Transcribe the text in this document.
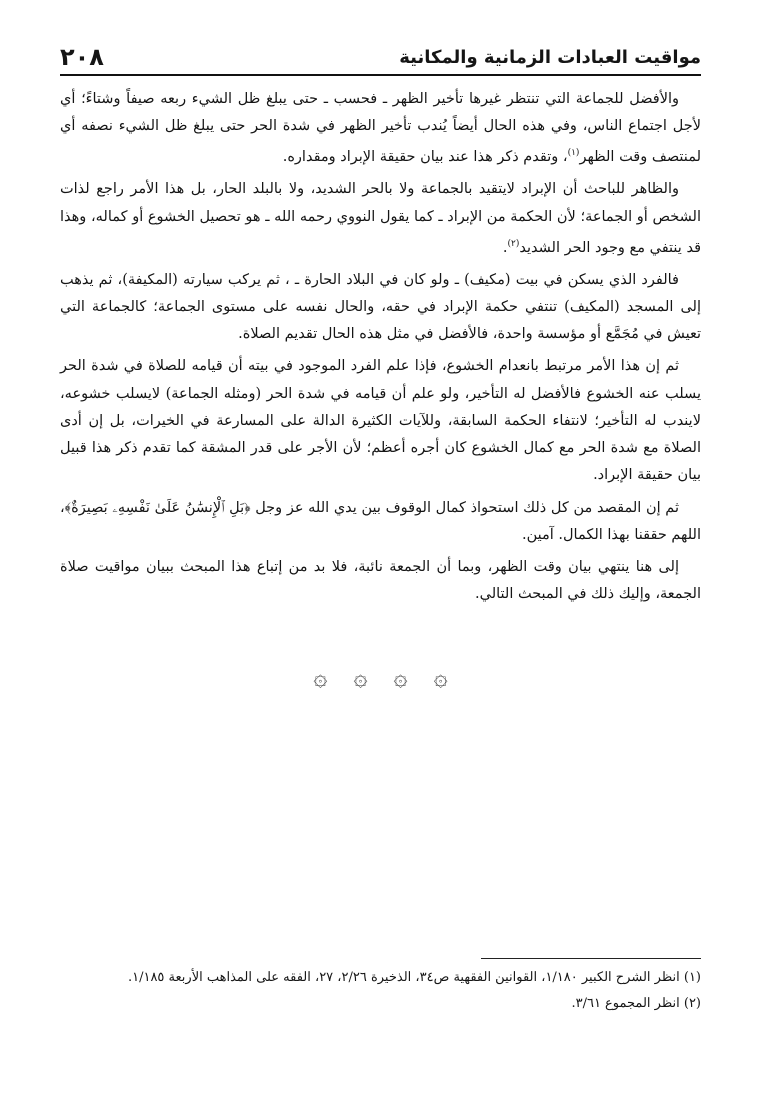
٢٠٨	مواقيت العبادات الزمانية والمكانية

والأفضل للجماعة التي تنتظر غيرها تأخير الظهر ـ فحسب ـ حتى يبلغ ظل الشيء ربعه صيفاً وشتاءً؛ أي لأجل اجتماع الناس، وفي هذه الحال أيضاً يُندب تأخير الظهر في شدة الحر حتى يبلغ ظل الشيء نصفه أي لمنتصف وقت الظهر$^{(١)}$، وتقدم ذكر هذا عند بيان حقيقة الإبراد ومقداره.

والظاهر للباحث أن الإبراد لايتقيد بالجماعة ولا بالحر الشديد، ولا بالبلد الحار، بل هذا الأمر راجع لذات الشخص أو الجماعة؛ لأن الحكمة من الإبراد ـ كما يقول النووي رحمه الله ـ هو تحصيل الخشوع أو كماله، وهذا قد ينتفي مع وجود الحر الشديد$^{(٢)}$.

فالفرد الذي يسكن في بيت (مكيف) ـ ولو كان في البلاد الحارة ـ ، ثم يركب سيارته (المكيفة)، ثم يذهب إلى المسجد (المكيف) تنتفي حكمة الإبراد في حقه، والحال نفسه على مستوى الجماعة؛ كالجماعة التي تعيش في مُجَمَّع أو مؤسسة واحدة، فالأفضل في مثل هذه الحال تقديم الصلاة.

ثم إن هذا الأمر مرتبط بانعدام الخشوع، فإذا علم الفرد الموجود في بيته أن قيامه للصلاة في شدة الحر يسلب عنه الخشوع فالأفضل له التأخير، ولو علم أن قيامه في شدة الحر (ومثله الجماعة) لايسلب خشوعه، لايندب له التأخير؛ لانتفاء الحكمة السابقة، وللآيات الكثيرة الدالة على المسارعة في الخيرات، بل إن أدى الصلاة مع شدة الحر مع كمال الخشوع كان أجره أعظم؛ لأن الأجر على قدر المشقة كما تقدم ذكر هذا قبيل بيان حقيقة الإبراد.

ثم إن المقصد من كل ذلك استحواذ كمال الوقوف بين يدي الله عز وجل ﴿بَلِ ٱلْإِنسَٰنُ عَلَىٰ نَفْسِهِۦ بَصِيرَةٌ﴾، اللهم حققنا بهذا الكمال. آمين.

إلى هنا ينتهي بيان وقت الظهر، وبما أن الجمعة نائبة، فلا بد من إتباع هذا المبحث ببيان مواقيت صلاة الجمعة، وإليك ذلك في المبحث التالي.

۞ ۞ ۞ ۞

(١) انظر الشرح الكبير ١/١٨٠، القوانين الفقهية ص٣٤، الذخيرة ٢/٢٦، ٢٧، الفقه على المذاهب الأربعة ١/١٨٥.

(٢) انظر المجموع ٣/٦١.
